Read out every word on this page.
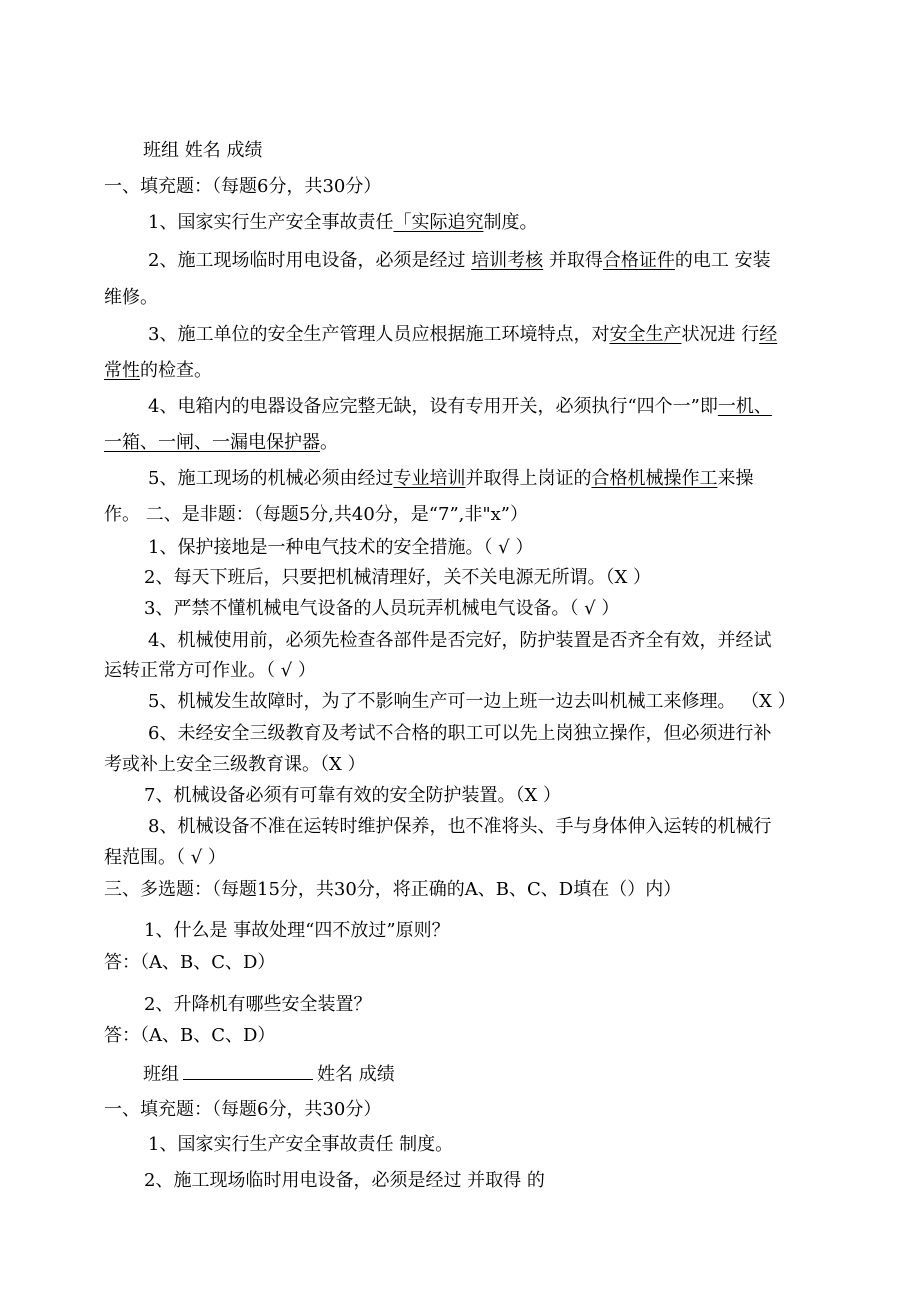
班组 姓名 成绩
一、填充题：（每题6分，共30分）
1、国家实行生产安全事故责任「实际追究制度。
2、施工现场临时用电设备，必须是经过 培训考核 并取得合格证件的电工 安装
维修。
3、施工单位的安全生产管理人员应根据施工环境特点，对安全生产状况进 行经
常性的检查。
4、电箱内的电器设备应完整无缺，设有专用开关，必须执行“四个一”即一机、
一箱、一闸、一漏电保护器。
5、施工现场的机械必须由经过专业培训并取得上岗证的合格机械操作工来操
作。 二、是非题：（每题5分,共40分，是“7”,非"x”）
1、保护接地是一种电气技术的安全措施。（ √ ）
2、每天下班后，只要把机械清理好，关不关电源无所谓。（X ）
3、严禁不懂机械电气设备的人员玩弄机械电气设备。（ √ ）
4、机械使用前，必须先检查各部件是否完好，防护装置是否齐全有效，并经试
运转正常方可作业。（ √ ）
5、机械发生故障时，为了不影响生产可一边上班一边去叫机械工来修理。 （X ）
6、未经安全三级教育及考试不合格的职工可以先上岗独立操作，但必须进行补
考或补上安全三级教育课。（X ）
7、机械设备必须有可靠有效的安全防护装置。（X ）
8、机械设备不准在运转时维护保养，也不准将头、手与身体伸入运转的机械行
程范围。（ √ ）
三、多选题：（每题15分，共30分，将正确的A、B、C、D填在（）内）
1、什么是 事故处理“四不放过”原则？
答：（A、B、C、D）
2、升降机有哪些安全装置？
答：（A、B、C、D）
班组	姓名 成绩
一、填充题：（每题6分，共30分）
1、国家实行生产安全事故责任 制度。
2、施工现场临时用电设备，必须是经过 并取得 的
